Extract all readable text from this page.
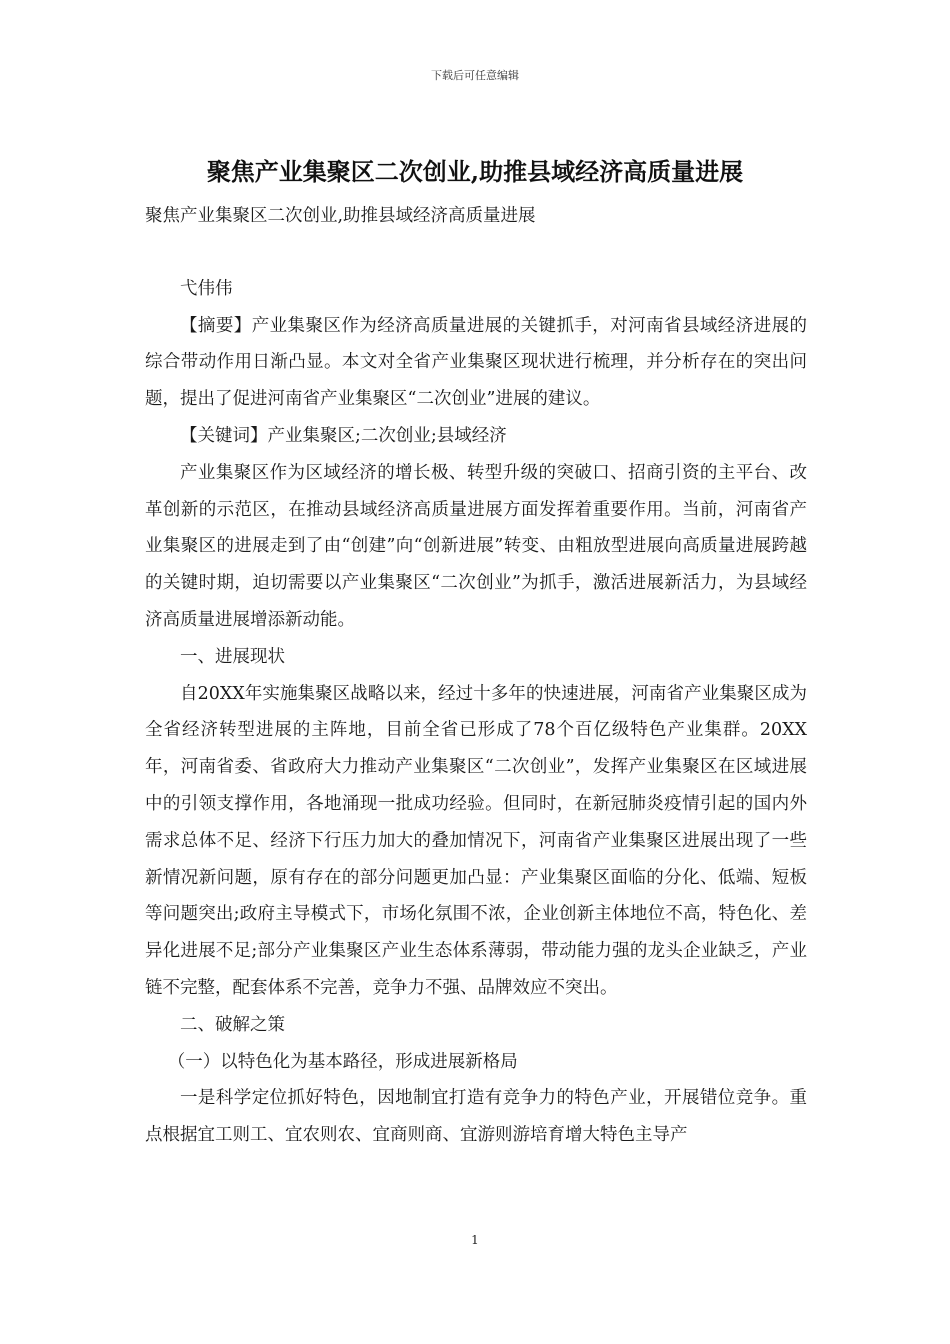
下载后可任意编辑
聚焦产业集聚区二次创业,助推县域经济高质量进展

聚焦产业集聚区二次创业,助推县域经济高质量进展

弋伟伟

【摘要】产业集聚区作为经济高质量进展的关键抓手，对河南省县域经济进展的综合带动作用日渐凸显。本文对全省产业集聚区现状进行梳理，并分析存在的突出问题，提出了促进河南省产业集聚区“二次创业”进展的建议。

【关键词】产业集聚区;二次创业;县域经济

产业集聚区作为区域经济的增长极、转型升级的突破口、招商引资的主平台、改革创新的示范区，在推动县域经济高质量进展方面发挥着重要作用。当前，河南省产业集聚区的进展走到了由“创建”向“创新进展”转变、由粗放型进展向高质量进展跨越的关键时期，迫切需要以产业集聚区“二次创业”为抓手，激活进展新活力，为县域经济高质量进展增添新动能。

一、进展现状

自20XX年实施集聚区战略以来，经过十多年的快速进展，河南省产业集聚区成为全省经济转型进展的主阵地，目前全省已形成了78个百亿级特色产业集群。20XX年，河南省委、省政府大力推动产业集聚区“二次创业”，发挥产业集聚区在区域进展中的引领支撑作用，各地涌现一批成功经验。但同时，在新冠肺炎疫情引起的国内外需求总体不足、经济下行压力加大的叠加情况下，河南省产业集聚区进展出现了一些新情况新问题，原有存在的部分问题更加凸显：产业集聚区面临的分化、低端、短板等问题突出;政府主导模式下，市场化氛围不浓，企业创新主体地位不高，特色化、差异化进展不足;部分产业集聚区产业生态体系薄弱，带动能力强的龙头企业缺乏，产业链不完整，配套体系不完善，竞争力不强、品牌效应不突出。

二、破解之策

（一）以特色化为基本路径，形成进展新格局

一是科学定位抓好特色，因地制宜打造有竞争力的特色产业，开展错位竞争。重点根据宜工则工、宜农则农、宜商则商、宜游则游培育增大特色主导产

1
